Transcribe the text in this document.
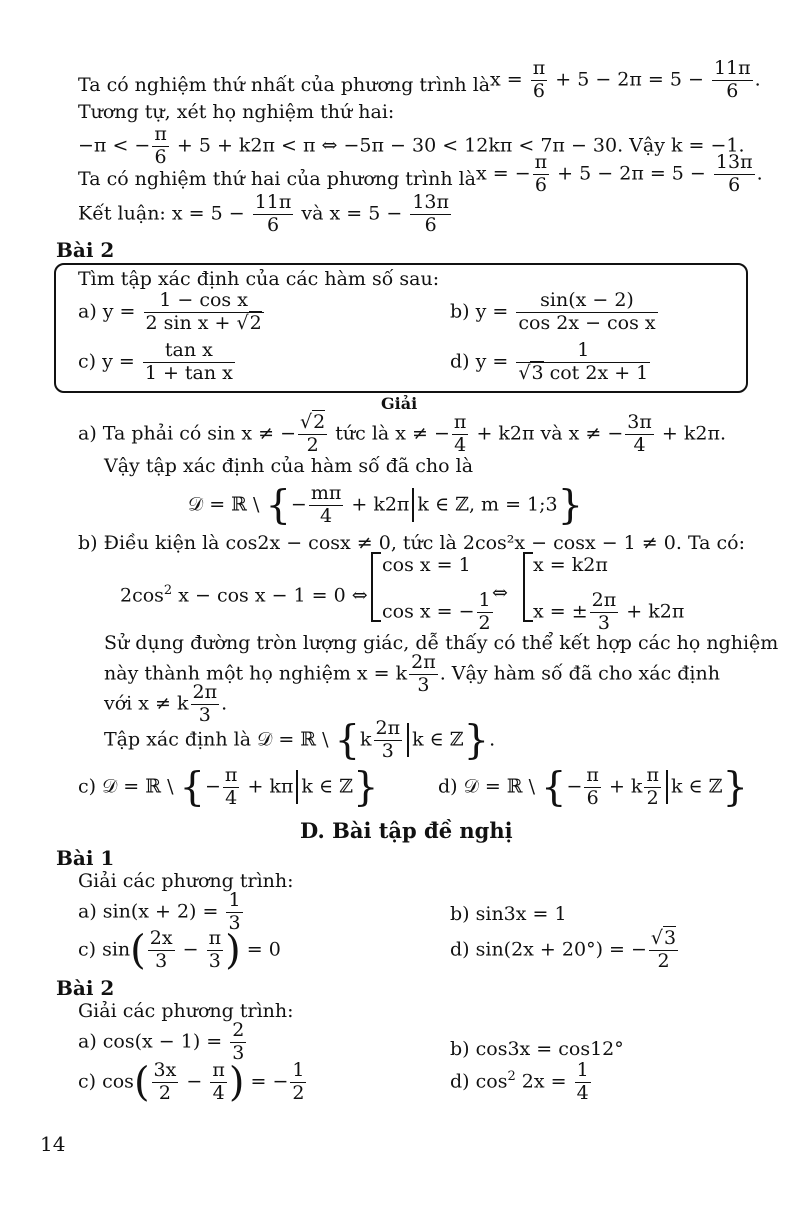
Ta có nghiệm thứ nhất của phương trình là $x = \frac{\pi}{6} + 5 - 2\pi = 5 - \frac{11\pi}{6}$ .
Tương tự, xét họ nghiệm thứ hai:
−π < − $\frac{\pi}{6} + 5 + k2\pi < \pi$ ⇔ −5π − 30 < 12kπ < 7π − 30. Vậy k = −1.
Ta có nghiệm thứ hai của phương trình là x = − $\frac{\pi}{6} + 5 - 2\pi = 5 - \frac{13\pi}{6}$ .
Kết luận: $x = 5 - \frac{11\pi}{6}$ và $x = 5 - \frac{13\pi}{6}$
Bài 2
Tìm tập xác định của các hàm số sau:
a) $y = \frac{\text{1 − cos x}}{\text{2 sin x + √2}}$	b) $y = \frac{\sin(x - 2)}{\text{cos 2x − cos x}}$
c) $y = \frac{\text{tan x}}{\text{1 + tan x}}$	d) $y = \frac{1}{√3 \cot 2x + 1}$
Giải
a) Ta phải có sin x ≠ − $\frac{√2}{2}$ tức là x ≠ − $\frac{\pi}{4} + k2\pi$ và x ≠ − $\frac{3\pi}{4} + k2\pi$.
Vậy tập xác định của hàm số đã cho là
𝒟 = ℝ \ {− $\frac{m\pi}{4} + k2\pi$ k ∈ ℤ, m = 1;3}
b) Điều kiện là cos2x − cosx ≠ 0, tức là 2cos²x − cosx − 1 ≠ 0. Ta có:
$2\cos^2$ x − cos x − 1 = 0 ⇔
cos x = 1
cos x = − $\frac{1}{2}$ ⇔
x = k2π
x = ± $\frac{2\pi}{3} + k2\pi$
Sử dụng đường tròn lượng giác, dễ thấy có thể kết hợp các họ nghiệm
này thành một họ nghiệm x = k $\frac{2\pi}{3}$ . Vậy hàm số đã cho xác định
với x ≠ k $\frac{2\pi}{3}$ .
Tập xác định là 𝒟 = ℝ \ {$k \frac{2\pi}{3}$ k ∈ ℤ}.
c) 𝒟 = ℝ \ {− $\frac{\pi}{4} + k\pi$ k ∈ ℤ}	d) 𝒟 = ℝ \ {− $\frac{\pi}{6} + k \frac{\pi}{2}$ k ∈ ℤ}
D. Bài tập đề nghị
Bài 1
Giải các phương trình:
a) $\sin(x + 2) = \frac{1}{3}$	b) sin3x = 1
c) $\sin( \frac{2x}{3} - \frac{\pi}{3}$ ) = 0	d) sin(2x + 20°) = − $\frac{√3}{2}$
Bài 2
Giải các phương trình:
a) $\cos(x - 1) = \frac{2}{3}$	b) cos3x = cos12°
c) $\cos( \frac{3x}{2} - \frac{\pi}{4}$ ) = − $\frac{1}{2}$	d) $\cos^2 2x = \frac{1}{4}$
14
